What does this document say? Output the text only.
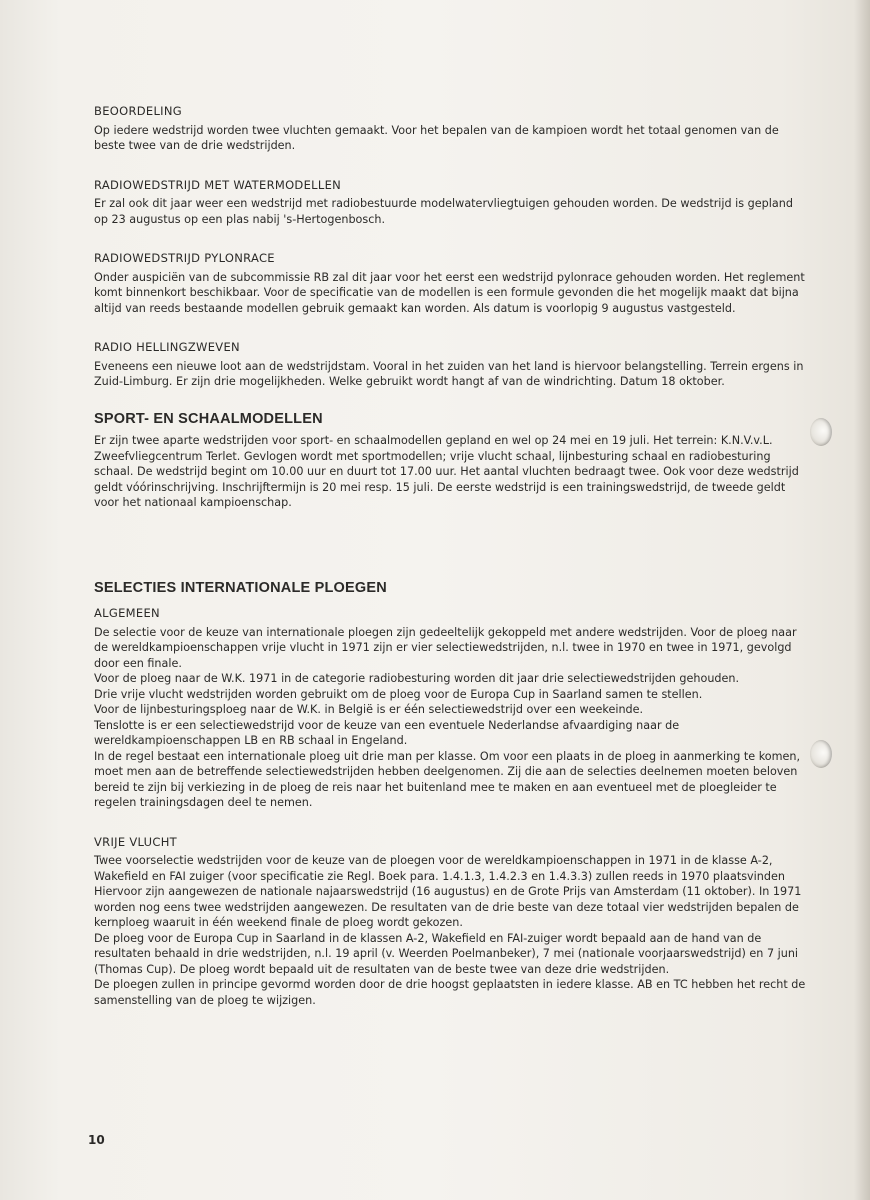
BEOORDELING

Op iedere wedstrijd worden twee vluchten gemaakt. Voor het bepalen van de kampioen wordt het totaal genomen van de beste twee van de drie wedstrijden.

RADIOWEDSTRIJD MET WATERMODELLEN

Er zal ook dit jaar weer een wedstrijd met radiobestuurde modelwatervliegtuigen gehouden worden. De wedstrijd is gepland op 23 augustus op een plas nabij 's-Hertogenbosch.

RADIOWEDSTRIJD PYLONRACE

Onder auspiciën van de subcommissie RB zal dit jaar voor het eerst een wedstrijd pylonrace gehouden worden. Het reglement komt binnenkort beschikbaar. Voor de specificatie van de modellen is een formule gevonden die het mogelijk maakt dat bijna altijd van reeds bestaande modellen gebruik gemaakt kan worden. Als datum is voorlopig 9 augustus vastgesteld.

RADIO HELLINGZWEVEN

Eveneens een nieuwe loot aan de wedstrijdstam. Vooral in het zuiden van het land is hiervoor belangstelling. Terrein ergens in Zuid-Limburg. Er zijn drie mogelijkheden. Welke gebruikt wordt hangt af van de windrichting. Datum 18 oktober.

SPORT- EN SCHAALMODELLEN

Er zijn twee aparte wedstrijden voor sport- en schaalmodellen gepland en wel op 24 mei en 19 juli. Het terrein: K.N.V.v.L. Zweefvliegcentrum Terlet. Gevlogen wordt met sportmodellen; vrije vlucht schaal, lijnbesturing schaal en radiobesturing schaal. De wedstrijd begint om 10.00 uur en duurt tot 17.00 uur. Het aantal vluchten bedraagt twee. Ook voor deze wedstrijd geldt vóórinschrijving. Inschrijftermijn is 20 mei resp. 15 juli. De eerste wedstrijd is een trainingswedstrijd, de tweede geldt voor het nationaal kampioenschap.

SELECTIES INTERNATIONALE PLOEGEN
ALGEMEEN

De selectie voor de keuze van internationale ploegen zijn gedeeltelijk gekoppeld met andere wedstrijden. Voor de ploeg naar de wereldkampioenschappen vrije vlucht in 1971 zijn er vier selectiewedstrijden, n.l. twee in 1970 en twee in 1971, gevolgd door een finale.

Voor de ploeg naar de W.K. 1971 in de categorie radiobesturing worden dit jaar drie selectiewedstrijden gehouden.

Drie vrije vlucht wedstrijden worden gebruikt om de ploeg voor de Europa Cup in Saarland samen te stellen.

Voor de lijnbesturingsploeg naar de W.K. in België is er één selectiewedstrijd over een weekeinde.

Tenslotte is er een selectiewedstrijd voor de keuze van een eventuele Nederlandse afvaardiging naar de wereldkampioenschappen LB en RB schaal in Engeland.

In de regel bestaat een internationale ploeg uit drie man per klasse. Om voor een plaats in de ploeg in aanmerking te komen, moet men aan de betreffende selectiewedstrijden hebben deelgenomen. Zij die aan de selecties deelnemen moeten beloven bereid te zijn bij verkiezing in de ploeg de reis naar het buitenland mee te maken en aan eventueel met de ploegleider te regelen trainingsdagen deel te nemen.

VRIJE VLUCHT

Twee voorselectie wedstrijden voor de keuze van de ploegen voor de wereldkampioenschappen in 1971 in de klasse A-2, Wakefield en FAI zuiger (voor specificatie zie Regl. Boek para. 1.4.1.3, 1.4.2.3 en 1.4.3.3) zullen reeds in 1970 plaatsvinden Hiervoor zijn aangewezen de nationale najaarswedstrijd (16 augustus) en de Grote Prijs van Amsterdam (11 oktober). In 1971 worden nog eens twee wedstrijden aangewezen. De resultaten van de drie beste van deze totaal vier wedstrijden bepalen de kernploeg waaruit in één weekend finale de ploeg wordt gekozen.

De ploeg voor de Europa Cup in Saarland in de klassen A-2, Wakefield en FAI-zuiger wordt bepaald aan de hand van de resultaten behaald in drie wedstrijden, n.l. 19 april (v. Weerden Poelmanbeker), 7 mei (nationale voorjaarswedstrijd) en 7 juni (Thomas Cup). De ploeg wordt bepaald uit de resultaten van de beste twee van deze drie wedstrijden.

De ploegen zullen in principe gevormd worden door de drie hoogst geplaatsten in iedere klasse. AB en TC hebben het recht de samenstelling van de ploeg te wijzigen.

10
